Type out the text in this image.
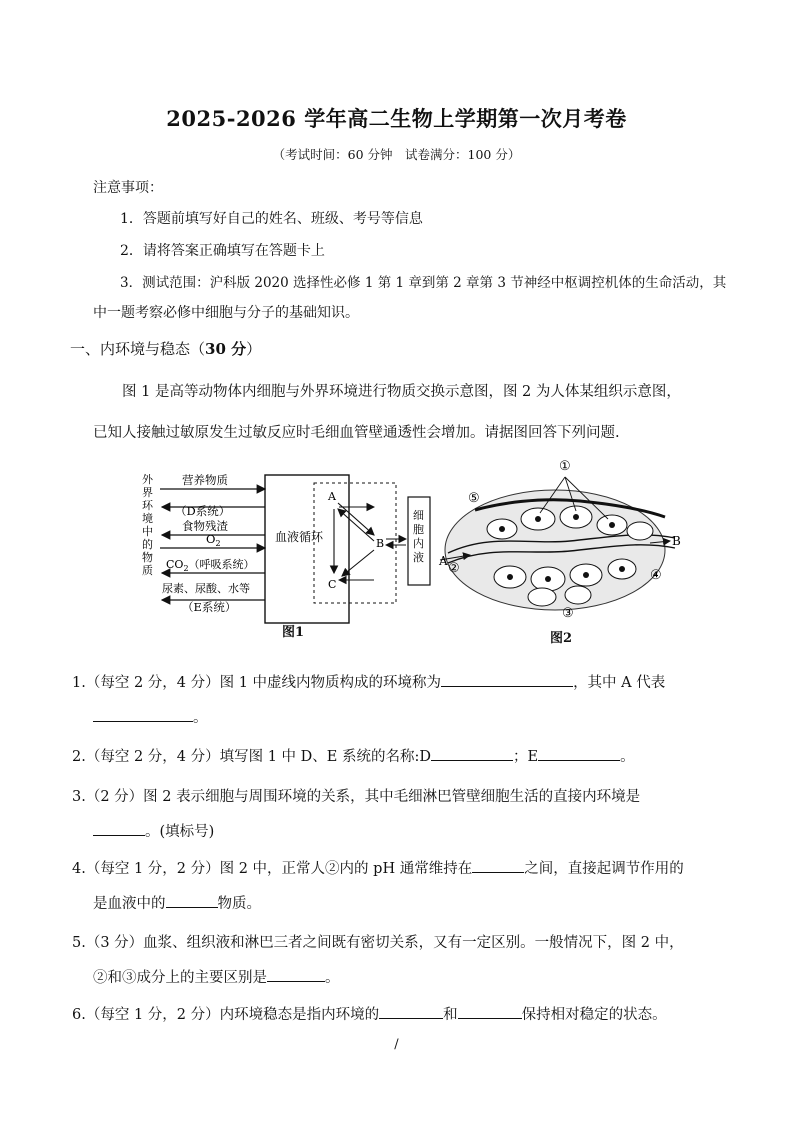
2025-2026 学年高二生物上学期第一次月考卷
（考试时间：60 分钟　试卷满分：100 分）
注意事项：
1．答题前填写好自己的姓名、班级、考号等信息
2．请将答案正确填写在答题卡上
3．测试范围：沪科版 2020 选择性必修 1 第 1 章到第 2 章第 3 节神经中枢调控机体的生命活动，其
中一题考察必修中细胞与分子的基础知识。
一、内环境与稳态（30 分）
图 1 是高等动物体内细胞与外界环境进行物质交换示意图，图 2 为人体某组织示意图，
已知人接触过敏原发生过敏反应时毛细血管壁通透性会增加。请据图回答下列问题.
外界环境中的物质
营养物质
（D系统）
食物残渣
$O_2$
$CO_2$（呼吸系统）
尿素、尿酸、水等
（E系统）
血液循环
A
B
C
细胞内液
①
②
③
④
⑤
A
B
图1	图2
1.（每空 2 分，4 分）图 1 中虚线内物质构成的环境称为	，其中 A 代表
。
2.（每空 2 分，4 分）填写图 1 中 D、E 系统的名称:D	；E	。
3.（2 分）图 2 表示细胞与周围环境的关系，其中毛细淋巴管壁细胞生活的直接内环境是
。(填标号)
4.（每空 1 分，2 分）图 2 中，正常人②内的 pH 通常维持在	之间，直接起调节作用的
是血液中的	物质。
5.（3 分）血浆、组织液和淋巴三者之间既有密切关系，又有一定区别。一般情况下，图 2 中，
②和③成分上的主要区别是	。
6.（每空 1 分，2 分）内环境稳态是指内环境的	和	保持相对稳定的状态。
/
